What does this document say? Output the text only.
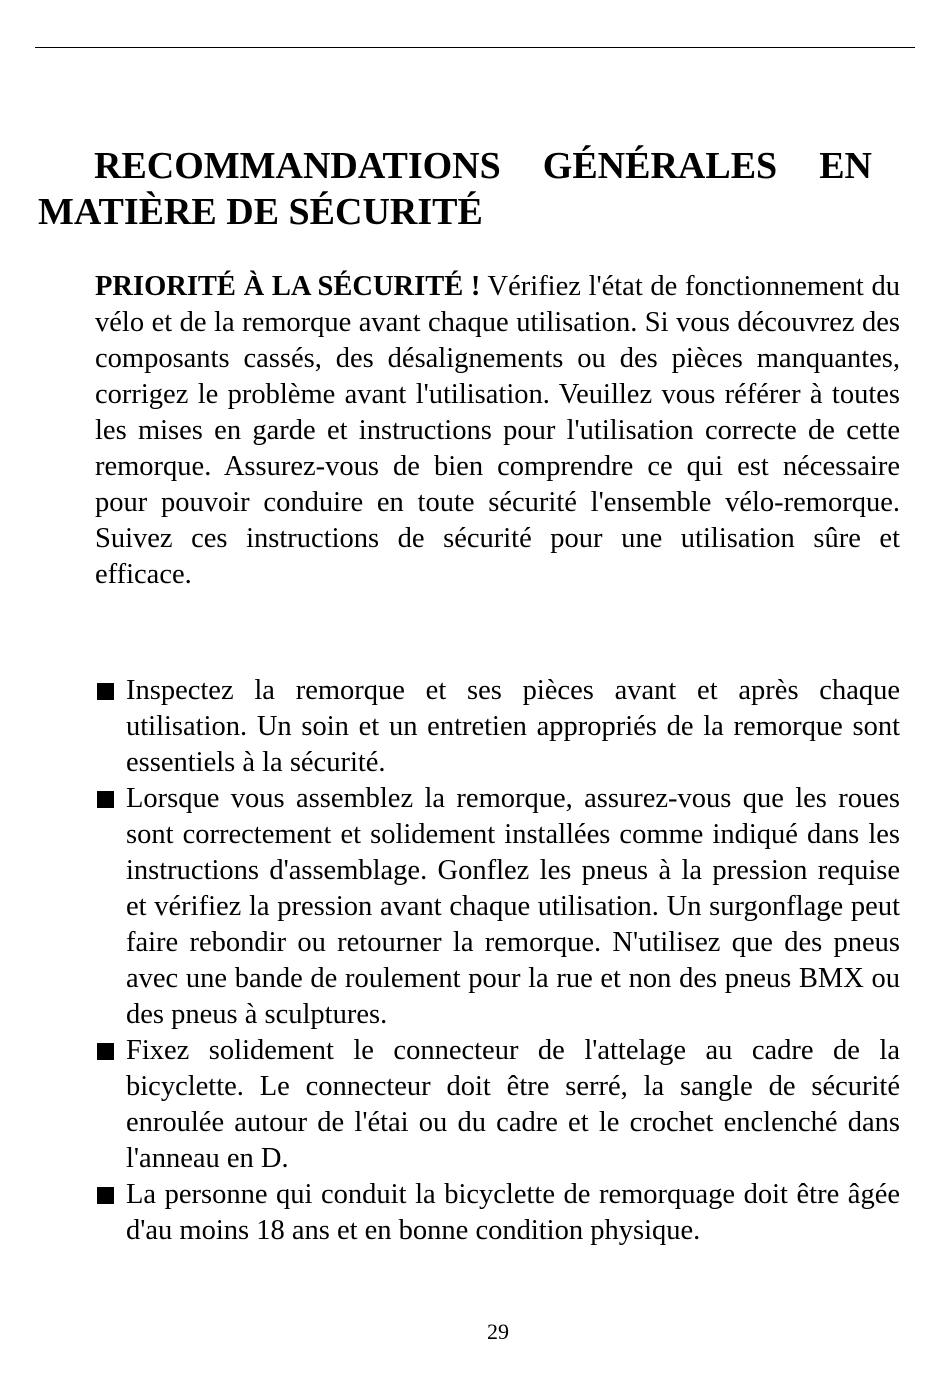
RECOMMANDATIONS GÉNÉRALES EN MATIÈRE DE SÉCURITÉ

PRIORITÉ À LA SÉCURITÉ ! Vérifiez l'état de fonctionnement du vélo et de la remorque avant chaque utilisation. Si vous découvrez des composants cassés, des désalignements ou des pièces manquantes, corrigez le problème avant l'utilisation. Veuillez vous référer à toutes les mises en garde et instructions pour l'utilisation correcte de cette remorque. Assurez-vous de bien comprendre ce qui est nécessaire pour pouvoir conduire en toute sécurité l'ensemble vélo-remorque. Suivez ces instructions de sécurité pour une utilisation sûre et efficace.

Inspectez la remorque et ses pièces avant et après chaque utilisation. Un soin et un entretien appropriés de la remorque sont essentiels à la sécurité.
Lorsque vous assemblez la remorque, assurez-vous que les roues sont correctement et solidement installées comme indiqué dans les instructions d'assemblage. Gonflez les pneus à la pression requise et vérifiez la pression avant chaque utilisation. Un surgonflage peut faire rebondir ou retourner la remorque. N'utilisez que des pneus avec une bande de roulement pour la rue et non des pneus BMX ou des pneus à sculptures.
Fixez solidement le connecteur de l'attelage au cadre de la bicyclette. Le connecteur doit être serré, la sangle de sécurité enroulée autour de l'étai ou du cadre et le crochet enclenché dans l'anneau en D.
La personne qui conduit la bicyclette de remorquage doit être âgée d'au moins 18 ans et en bonne condition physique.
29
